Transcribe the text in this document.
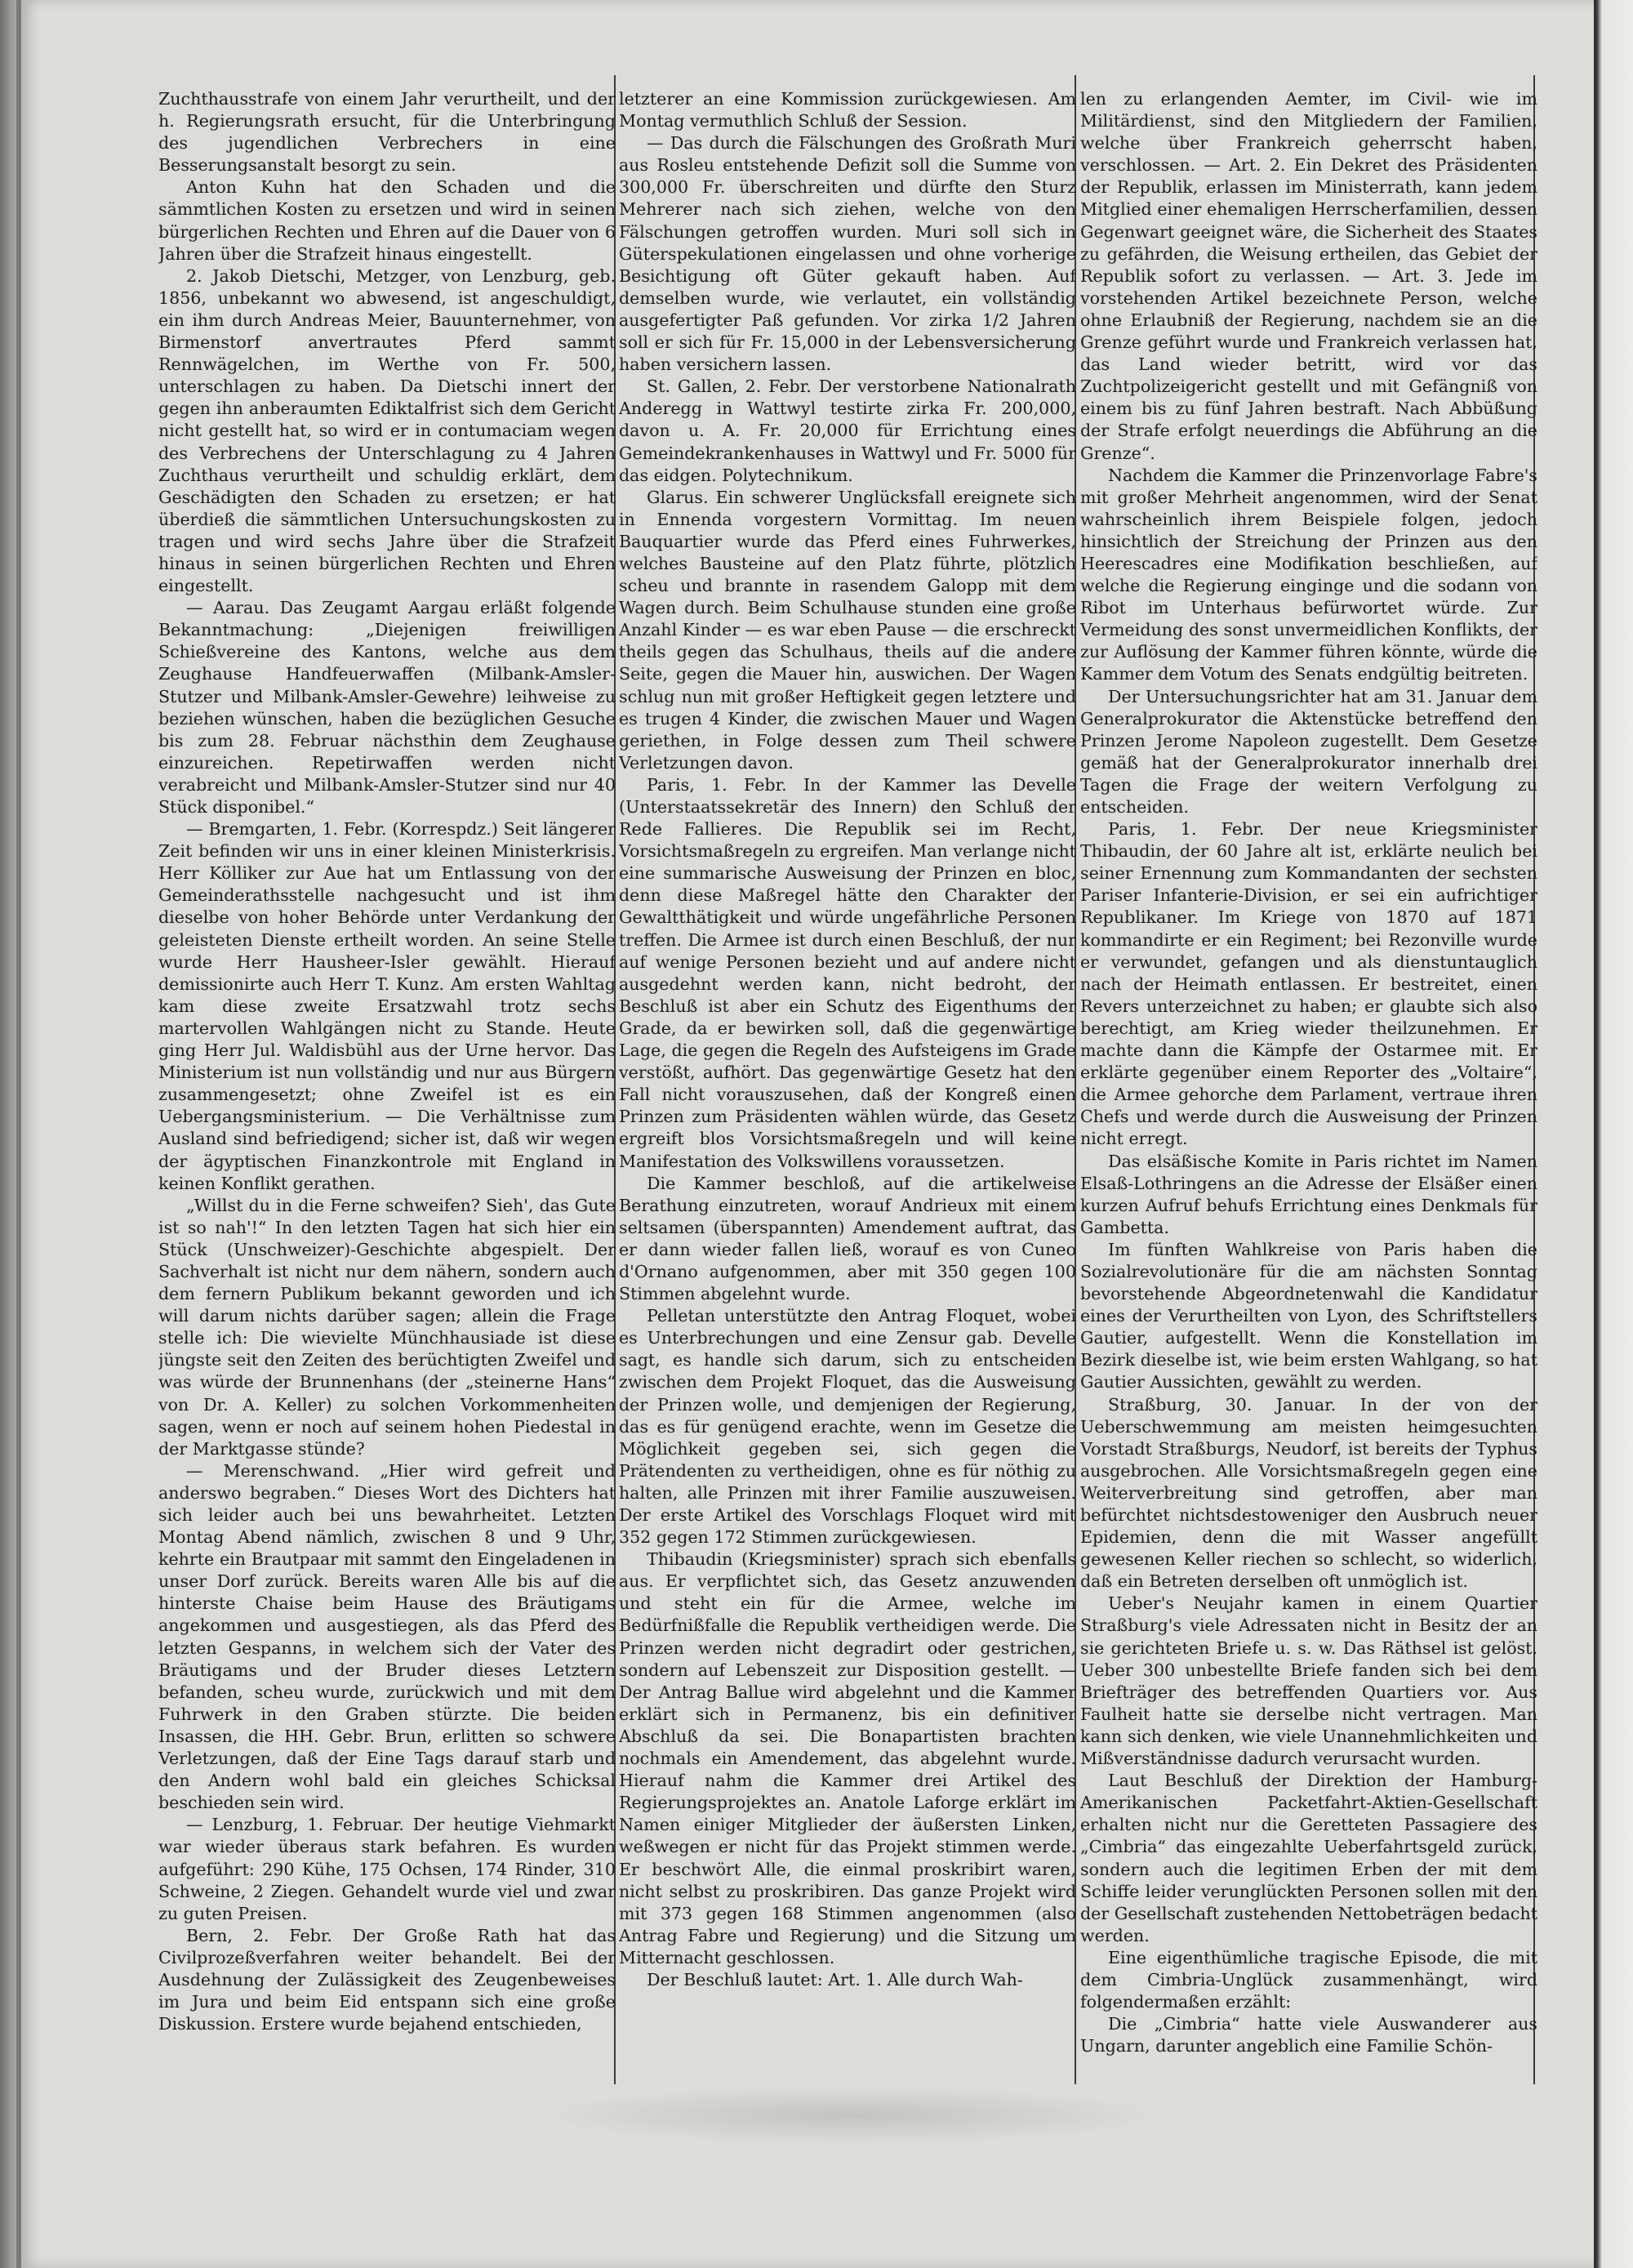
Zuchthausstrafe von einem Jahr verurtheilt, und der h. Regierungsrath ersucht, für die Unterbringung des jugendlichen Verbrechers in eine Besserungsanstalt besorgt zu sein.

Anton Kuhn hat den Schaden und die sämmtlichen Kosten zu ersetzen und wird in seinen bürgerlichen Rechten und Ehren auf die Dauer von 6 Jahren über die Strafzeit hinaus eingestellt.

2. Jakob Dietschi, Metzger, von Lenzburg, geb. 1856, unbekannt wo abwesend, ist angeschuldigt, ein ihm durch Andreas Meier, Bauunternehmer, von Birmenstorf anvertrautes Pferd sammt Rennwägelchen, im Werthe von Fr. 500, unterschlagen zu haben. Da Dietschi innert der gegen ihn anberaumten Ediktalfrist sich dem Gericht nicht gestellt hat, so wird er in contumaciam wegen des Verbrechens der Unterschlagung zu 4 Jahren Zuchthaus verurtheilt und schuldig erklärt, dem Geschädigten den Schaden zu ersetzen; er hat überdieß die sämmtlichen Untersuchungskosten zu tragen und wird sechs Jahre über die Strafzeit hinaus in seinen bürgerlichen Rechten und Ehren eingestellt.

— Aarau. Das Zeugamt Aargau erläßt folgende Bekanntmachung: „Diejenigen freiwilligen Schießvereine des Kantons, welche aus dem Zeughause Handfeuerwaffen (Milbank-Amsler-Stutzer und Milbank-Amsler-Gewehre) leihweise zu beziehen wünschen, haben die bezüglichen Gesuche bis zum 28. Februar nächsthin dem Zeughause einzureichen. Repetirwaffen werden nicht verabreicht und Milbank-Amsler-Stutzer sind nur 40 Stück disponibel.“

— Bremgarten, 1. Febr. (Korrespdz.) Seit längerer Zeit befinden wir uns in einer kleinen Ministerkrisis. Herr Kölliker zur Aue hat um Entlassung von der Gemeinderathsstelle nachgesucht und ist ihm dieselbe von hoher Behörde unter Verdankung der geleisteten Dienste ertheilt worden. An seine Stelle wurde Herr Hausheer-Isler gewählt. Hierauf demissionirte auch Herr T. Kunz. Am ersten Wahltag kam diese zweite Ersatzwahl trotz sechs martervollen Wahlgängen nicht zu Stande. Heute ging Herr Jul. Waldisbühl aus der Urne hervor. Das Ministerium ist nun vollständig und nur aus Bürgern zusammengesetzt; ohne Zweifel ist es ein Uebergangsministerium. — Die Verhältnisse zum Ausland sind befriedigend; sicher ist, daß wir wegen der ägyptischen Finanzkontrole mit England in keinen Konflikt gerathen.

„Willst du in die Ferne schweifen? Sieh', das Gute ist so nah'!“ In den letzten Tagen hat sich hier ein Stück (Unschweizer)-Geschichte abgespielt. Der Sachverhalt ist nicht nur dem nähern, sondern auch dem fernern Publikum bekannt geworden und ich will darum nichts darüber sagen; allein die Frage stelle ich: Die wievielte Münchhausiade ist diese jüngste seit den Zeiten des berüchtigten Zweifel und was würde der Brunnenhans (der „steinerne Hans“ von Dr. A. Keller) zu solchen Vorkommenheiten sagen, wenn er noch auf seinem hohen Piedestal in der Marktgasse stünde?

— Merenschwand. „Hier wird gefreit und anderswo begraben.“ Dieses Wort des Dichters hat sich leider auch bei uns bewahrheitet. Letzten Montag Abend nämlich, zwischen 8 und 9 Uhr, kehrte ein Brautpaar mit sammt den Eingeladenen in unser Dorf zurück. Bereits waren Alle bis auf die hinterste Chaise beim Hause des Bräutigams angekommen und ausgestiegen, als das Pferd des letzten Gespanns, in welchem sich der Vater des Bräutigams und der Bruder dieses Letztern befanden, scheu wurde, zurückwich und mit dem Fuhrwerk in den Graben stürzte. Die beiden Insassen, die HH. Gebr. Brun, erlitten so schwere Verletzungen, daß der Eine Tags darauf starb und den Andern wohl bald ein gleiches Schicksal beschieden sein wird.

— Lenzburg, 1. Februar. Der heutige Viehmarkt war wieder überaus stark befahren. Es wurden aufgeführt: 290 Kühe, 175 Ochsen, 174 Rinder, 310 Schweine, 2 Ziegen. Gehandelt wurde viel und zwar zu guten Preisen.

Bern, 2. Febr. Der Große Rath hat das Civilprozeßverfahren weiter behandelt. Bei der Ausdehnung der Zulässigkeit des Zeugenbeweises im Jura und beim Eid entspann sich eine große Diskussion. Erstere wurde bejahend entschieden,

letzterer an eine Kommission zurückgewiesen. Am Montag vermuthlich Schluß der Session.

— Das durch die Fälschungen des Großrath Muri aus Rosleu entstehende Defizit soll die Summe von 300,000 Fr. überschreiten und dürfte den Sturz Mehrerer nach sich ziehen, welche von den Fälschungen getroffen wurden. Muri soll sich in Güterspekulationen eingelassen und ohne vorherige Besichtigung oft Güter gekauft haben. Auf demselben wurde, wie verlautet, ein vollständig ausgefertigter Paß gefunden. Vor zirka 1/2 Jahren soll er sich für Fr. 15,000 in der Lebensversicherung haben versichern lassen.

St. Gallen, 2. Febr. Der verstorbene Nationalrath Anderegg in Wattwyl testirte zirka Fr. 200,000, davon u. A. Fr. 20,000 für Errichtung eines Gemeindekrankenhauses in Wattwyl und Fr. 5000 für das eidgen. Polytechnikum.

Glarus. Ein schwerer Unglücksfall ereignete sich in Ennenda vorgestern Vormittag. Im neuen Bauquartier wurde das Pferd eines Fuhrwerkes, welches Bausteine auf den Platz führte, plötzlich scheu und brannte in rasendem Galopp mit dem Wagen durch. Beim Schulhause stunden eine große Anzahl Kinder — es war eben Pause — die erschreckt theils gegen das Schulhaus, theils auf die andere Seite, gegen die Mauer hin, auswichen. Der Wagen schlug nun mit großer Heftigkeit gegen letztere und es trugen 4 Kinder, die zwischen Mauer und Wagen geriethen, in Folge dessen zum Theil schwere Verletzungen davon.

Paris, 1. Febr. In der Kammer las Develle (Unterstaatssekretär des Innern) den Schluß der Rede Fallieres. Die Republik sei im Recht, Vorsichtsmaßregeln zu ergreifen. Man verlange nicht eine summarische Ausweisung der Prinzen en bloc, denn diese Maßregel hätte den Charakter der Gewaltthätigkeit und würde ungefährliche Personen treffen. Die Armee ist durch einen Beschluß, der nur auf wenige Personen bezieht und auf andere nicht ausgedehnt werden kann, nicht bedroht, der Beschluß ist aber ein Schutz des Eigenthums der Grade, da er bewirken soll, daß die gegenwärtige Lage, die gegen die Regeln des Aufsteigens im Grade verstößt, aufhört. Das gegenwärtige Gesetz hat den Fall nicht vorauszusehen, daß der Kongreß einen Prinzen zum Präsidenten wählen würde, das Gesetz ergreift blos Vorsichtsmaßregeln und will keine Manifestation des Volkswillens voraussetzen.

Die Kammer beschloß, auf die artikelweise Berathung einzutreten, worauf Andrieux mit einem seltsamen (überspannten) Amendement auftrat, das er dann wieder fallen ließ, worauf es von Cuneo d'Ornano aufgenommen, aber mit 350 gegen 100 Stimmen abgelehnt wurde.

Pelletan unterstützte den Antrag Floquet, wobei es Unterbrechungen und eine Zensur gab. Develle sagt, es handle sich darum, sich zu entscheiden zwischen dem Projekt Floquet, das die Ausweisung der Prinzen wolle, und demjenigen der Regierung, das es für genügend erachte, wenn im Gesetze die Möglichkeit gegeben sei, sich gegen die Prätendenten zu vertheidigen, ohne es für nöthig zu halten, alle Prinzen mit ihrer Familie auszuweisen. Der erste Artikel des Vorschlags Floquet wird mit 352 gegen 172 Stimmen zurückgewiesen.

Thibaudin (Kriegsminister) sprach sich ebenfalls aus. Er verpflichtet sich, das Gesetz anzuwenden und steht ein für die Armee, welche im Bedürfnißfalle die Republik vertheidigen werde. Die Prinzen werden nicht degradirt oder gestrichen, sondern auf Lebenszeit zur Disposition gestellt. — Der Antrag Ballue wird abgelehnt und die Kammer erklärt sich in Permanenz, bis ein definitiver Abschluß da sei. Die Bonapartisten brachten nochmals ein Amendement, das abgelehnt wurde. Hierauf nahm die Kammer drei Artikel des Regierungsprojektes an. Anatole Laforge erklärt im Namen einiger Mitglieder der äußersten Linken, weßwegen er nicht für das Projekt stimmen werde. Er beschwört Alle, die einmal proskribirt waren, nicht selbst zu proskribiren. Das ganze Projekt wird mit 373 gegen 168 Stimmen angenommen (also Antrag Fabre und Regierung) und die Sitzung um Mitternacht geschlossen.

Der Beschluß lautet: Art. 1. Alle durch Wah-

len zu erlangenden Aemter, im Civil- wie im Militärdienst, sind den Mitgliedern der Familien, welche über Frankreich geherrscht haben, verschlossen. — Art. 2. Ein Dekret des Präsidenten der Republik, erlassen im Ministerrath, kann jedem Mitglied einer ehemaligen Herrscherfamilien, dessen Gegenwart geeignet wäre, die Sicherheit des Staates zu gefährden, die Weisung ertheilen, das Gebiet der Republik sofort zu verlassen. — Art. 3. Jede im vorstehenden Artikel bezeichnete Person, welche ohne Erlaubniß der Regierung, nachdem sie an die Grenze geführt wurde und Frankreich verlassen hat, das Land wieder betritt, wird vor das Zuchtpolizeigericht gestellt und mit Gefängniß von einem bis zu fünf Jahren bestraft. Nach Abbüßung der Strafe erfolgt neuerdings die Abführung an die Grenze“.

Nachdem die Kammer die Prinzenvorlage Fabre's mit großer Mehrheit angenommen, wird der Senat wahrscheinlich ihrem Beispiele folgen, jedoch hinsichtlich der Streichung der Prinzen aus den Heerescadres eine Modifikation beschließen, auf welche die Regierung eingingе und die sodann von Ribot im Unterhaus befürwortet würde. Zur Vermeidung des sonst unvermeidlichen Konflikts, der zur Auflösung der Kammer führen könnte, würde die Kammer dem Votum des Senats endgültig beitreten.

Der Untersuchungsrichter hat am 31. Januar dem Generalprokurator die Aktenstücke betreffend den Prinzen Jerome Napoleon zugestellt. Dem Gesetze gemäß hat der Generalprokurator innerhalb drei Tagen die Frage der weitern Verfolgung zu entscheiden.

Paris, 1. Febr. Der neue Kriegsminister Thibaudin, der 60 Jahre alt ist, erklärte neulich bei seiner Ernennung zum Kommandanten der sechsten Pariser Infanterie-Division, er sei ein aufrichtiger Republikaner. Im Kriege von 1870 auf 1871 kommandirte er ein Regiment; bei Rezonville wurde er verwundet, gefangen und als dienstuntauglich nach der Heimath entlassen. Er bestreitet, einen Revers unterzeichnet zu haben; er glaubte sich also berechtigt, am Krieg wieder theilzunehmen. Er machte dann die Kämpfe der Ostarmee mit. Er erklärte gegenüber einem Reporter des „Voltaire“, die Armee gehorche dem Parlament, vertraue ihren Chefs und werde durch die Ausweisung der Prinzen nicht erregt.

Das elsäßische Komite in Paris richtet im Namen Elsaß-Lothringens an die Adresse der Elsäßer einen kurzen Aufruf behufs Errichtung eines Denkmals für Gambetta.

Im fünften Wahlkreise von Paris haben die Sozialrevolutionäre für die am nächsten Sonntag bevorstehende Abgeordnetenwahl die Kandidatur eines der Verurtheilten von Lyon, des Schriftstellers Gautier, aufgestellt. Wenn die Konstellation im Bezirk dieselbe ist, wie beim ersten Wahlgang, so hat Gautier Aussichten, gewählt zu werden.

Straßburg, 30. Januar. In der von der Ueberschwemmung am meisten heimgesuchten Vorstadt Straßburgs, Neudorf, ist bereits der Typhus ausgebrochen. Alle Vorsichtsmaßregeln gegen eine Weiterverbreitung sind getroffen, aber man befürchtet nichtsdestoweniger den Ausbruch neuer Epidemien, denn die mit Wasser angefüllt gewesenen Keller riechen so schlecht, so widerlich, daß ein Betreten derselben oft unmöglich ist.

Ueber's Neujahr kamen in einem Quartier Straßburg's viele Adressaten nicht in Besitz der an sie gerichteten Briefe u. s. w. Das Räthsel ist gelöst. Ueber 300 unbestellte Briefe fanden sich bei dem Briefträger des betreffenden Quartiers vor. Aus Faulheit hatte sie derselbe nicht vertragen. Man kann sich denken, wie viele Unannehmlichkeiten und Mißverständnisse dadurch verursacht wurden.

Laut Beschluß der Direktion der Hamburg-Amerikanischen Packetfahrt-Aktien-Gesellschaft erhalten nicht nur die Geretteten Passagiere des „Cimbria“ das eingezahlte Ueberfahrtsgeld zurück, sondern auch die legitimen Erben der mit dem Schiffe leider verunglückten Personen sollen mit den der Gesellschaft zustehenden Nettobeträgen bedacht werden.

Eine eigenthümliche tragische Episode, die mit dem Cimbria-Unglück zusammenhängt, wird folgendermaßen erzählt:

Die „Cimbria“ hatte viele Auswanderer aus Ungarn, darunter angeblich eine Familie Schön-
